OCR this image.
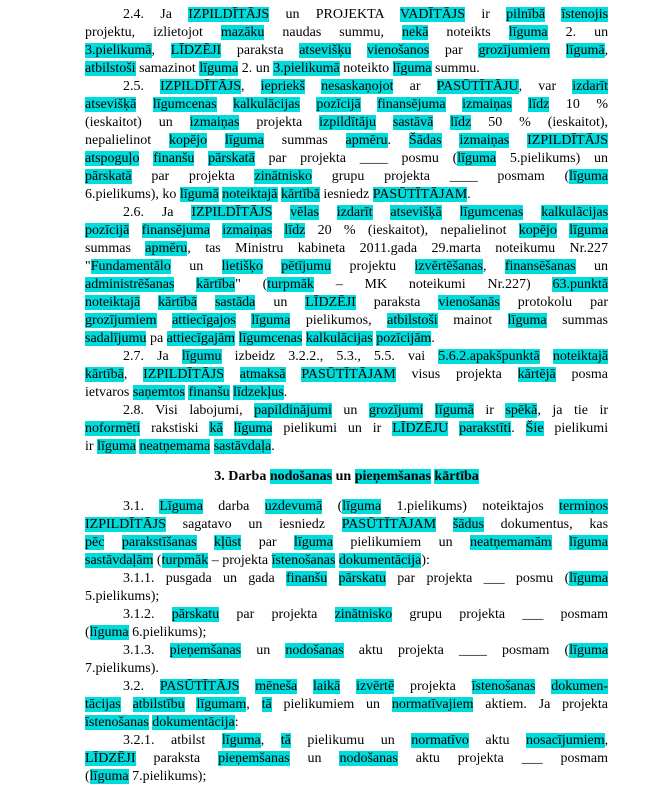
2.4. Ja IZPILDĪTĀJS un PROJEKTA VADĪTĀJS ir pilnībā īstenojis
projektu, izlietojot mazāku naudas summu, nekā noteikts līguma 2. un
3.pielikumā, LĪDZĒJI paraksta atsevišķu vienošanos par grozījumiem līgumā,
atbilstoši samazinot līguma 2. un 3.pielikumā noteikto līguma summu.
2.5. IZPILDĪTĀJS, iepriekš nesaskaņojot ar PASŪTĪTĀJU, var izdarīt
atsevišķā līgumcenas kalkulācijas pozīcijā finansējuma izmaiņas līdz 10 %
(ieskaitot) un izmaiņas projekta izpildītāju sastāvā līdz 50 % (ieskaitot),
nepalielinot kopējo līguma summas apmēru. Šādas izmaiņas IZPILDĪTĀJS
atspoguļo finanšu pārskatā par projekta ____ posmu (līguma 5.pielikums) un
pārskatā par projekta zinātnisko grupu projekta ____ posmam (līguma
6.pielikums), ko līgumā noteiktajā kārtībā iesniedz PASŪTĪTĀJAM.
2.6. Ja IZPILDĪTĀJS vēlas izdarīt atsevišķā līgumcenas kalkulācijas
pozīcijā finansējuma izmaiņas līdz 20 % (ieskaitot), nepalielinot kopējo līguma
summas apmēru, tas Ministru kabineta 2011.gada 29.marta noteikumu Nr.227
"Fundamentālo un lietišķo pētījumu projektu izvērtēšanas, finansēšanas un
administrēšanas kārtība" (turpmāk – MK noteikumi Nr.227) 63.punktā
noteiktajā kārtībā sastāda un LĪDZĒJI paraksta vienošanās protokolu par
grozījumiem attiecīgajos līguma pielikumos, atbilstoši mainot līguma summas
sadalījumu pa attiecīgajām līgumcenas kalkulācijas pozīcijām.
2.7. Ja līgumu izbeidz 3.2.2., 5.3., 5.5. vai 5.6.2.apakšpunktā noteiktajā
kārtībā, IZPILDĪTĀJS atmaksā PASŪTĪTĀJAM visus projekta kārtējā posma
ietvaros saņemtos finanšu līdzekļus.
2.8. Visi labojumi, papildinājumi un grozījumi līgumā ir spēkā, ja tie ir
noformēti rakstiski kā līguma pielikumi un ir LĪDZĒJU parakstīti. Šie pielikumi
ir līguma neatņemama sastāvdaļa.
3. Darba nodošanas un pieņemšanas kārtība
3.1. Līguma darba uzdevumā (līguma 1.pielikums) noteiktajos termiņos
IZPILDĪTĀJS sagatavo un iesniedz PASŪTĪTĀJAM šādus dokumentus, kas
pēc parakstīšanas kļūst par līguma pielikumiem un neatņemamām līguma
sastāvdaļām (turpmāk – projekta īstenošanas dokumentācija):
3.1.1. pusgada un gada finanšu pārskatu par projekta ___ posmu (līguma
5.pielikums);
3.1.2. pārskatu par projekta zinātnisko grupu projekta ___ posmam
(līguma 6.pielikums);
3.1.3. pieņemšanas un nodošanas aktu projekta ____ posmam (līguma
7.pielikums).
3.2. PASŪTĪTĀJS mēneša laikā izvērtē projekta īstenošanas dokumen-
tācijas atbilstību līgumam, tā pielikumiem un normatīvajiem aktiem. Ja projekta
īstenošanas dokumentācija:
3.2.1. atbilst līguma, tā pielikumu un normatīvo aktu nosacījumiem,
LĪDZĒJI paraksta pieņemšanas un nodošanas aktu projekta ___ posmam
(līguma 7.pielikums);
